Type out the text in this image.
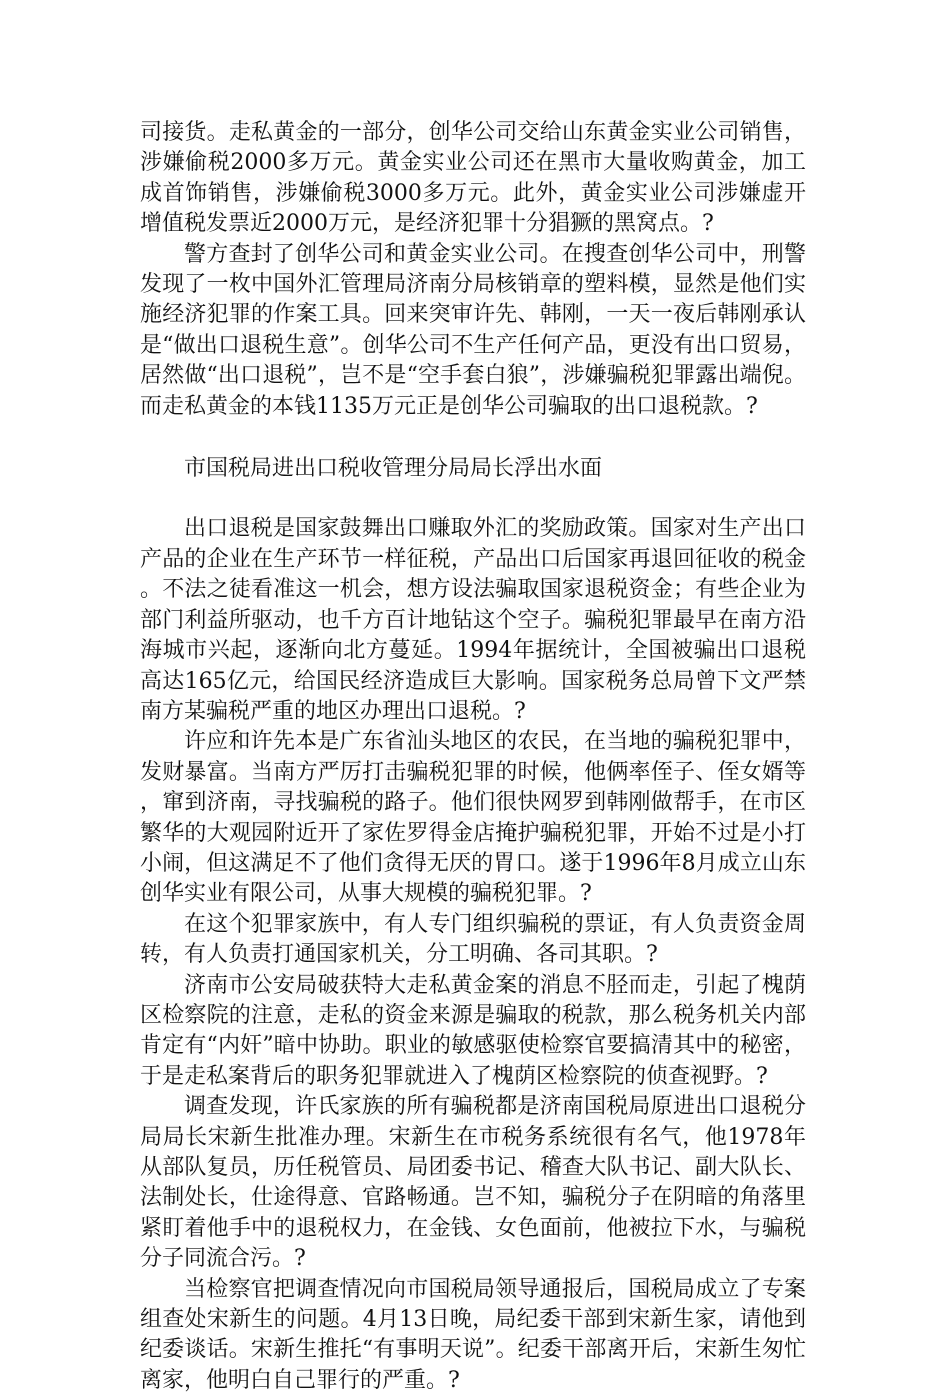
司接货。走私黄金的一部分，创华公司交给山东黄金实业公司销售，涉嫌偷税2000多万元。黄金实业公司还在黑市大量收购黄金，加工成首饰销售，涉嫌偷税3000多万元。此外，黄金实业公司涉嫌虚开增值税发票近2000万元，是经济犯罪十分猖獗的黑窝点。?

警方查封了创华公司和黄金实业公司。在搜查创华公司中，刑警发现了一枚中国外汇管理局济南分局核销章的塑料模，显然是他们实施经济犯罪的作案工具。回来突审许先、韩刚，一天一夜后韩刚承认是“做出口退税生意”。创华公司不生产任何产品，更没有出口贸易，居然做“出口退税”，岂不是“空手套白狼”，涉嫌骗税犯罪露出端倪。而走私黄金的本钱1135万元正是创华公司骗取的出口退税款。?

市国税局进出口税收管理分局局长浮出水面

出口退税是国家鼓舞出口赚取外汇的奖励政策。国家对生产出口产品的企业在生产环节一样征税，产品出口后国家再退回征收的税金。不法之徒看准这一机会，想方设法骗取国家退税资金；有些企业为部门利益所驱动，也千方百计地钻这个空子。骗税犯罪最早在南方沿海城市兴起，逐渐向北方蔓延。1994年据统计，全国被骗出口退税高达165亿元，给国民经济造成巨大影响。国家税务总局曾下文严禁南方某骗税严重的地区办理出口退税。?

许应和许先本是广东省汕头地区的农民，在当地的骗税犯罪中，发财暴富。当南方严厉打击骗税犯罪的时候，他俩率侄子、侄女婿等，窜到济南，寻找骗税的路子。他们很快网罗到韩刚做帮手，在市区繁华的大观园附近开了家佐罗得金店掩护骗税犯罪，开始不过是小打小闹，但这满足不了他们贪得无厌的胃口。遂于1996年8月成立山东创华实业有限公司，从事大规模的骗税犯罪。?

在这个犯罪家族中，有人专门组织骗税的票证，有人负责资金周转，有人负责打通国家机关，分工明确、各司其职。?

济南市公安局破获特大走私黄金案的消息不胫而走，引起了槐荫区检察院的注意，走私的资金来源是骗取的税款，那么税务机关内部肯定有“内奸”暗中协助。职业的敏感驱使检察官要搞清其中的秘密，于是走私案背后的职务犯罪就进入了槐荫区检察院的侦查视野。?

调查发现，许氏家族的所有骗税都是济南国税局原进出口退税分局局长宋新生批准办理。宋新生在市税务系统很有名气，他1978年从部队复员，历任税管员、局团委书记、稽查大队书记、副大队长、法制处长，仕途得意、官路畅通。岂不知，骗税分子在阴暗的角落里紧盯着他手中的退税权力，在金钱、女色面前，他被拉下水，与骗税分子同流合污。?

当检察官把调查情况向市国税局领导通报后，国税局成立了专案组查处宋新生的问题。4月13日晚，局纪委干部到宋新生家，请他到纪委谈话。宋新生推托“有事明天说”。纪委干部离开后，宋新生匆忙离家，他明白自己罪行的严重。?
